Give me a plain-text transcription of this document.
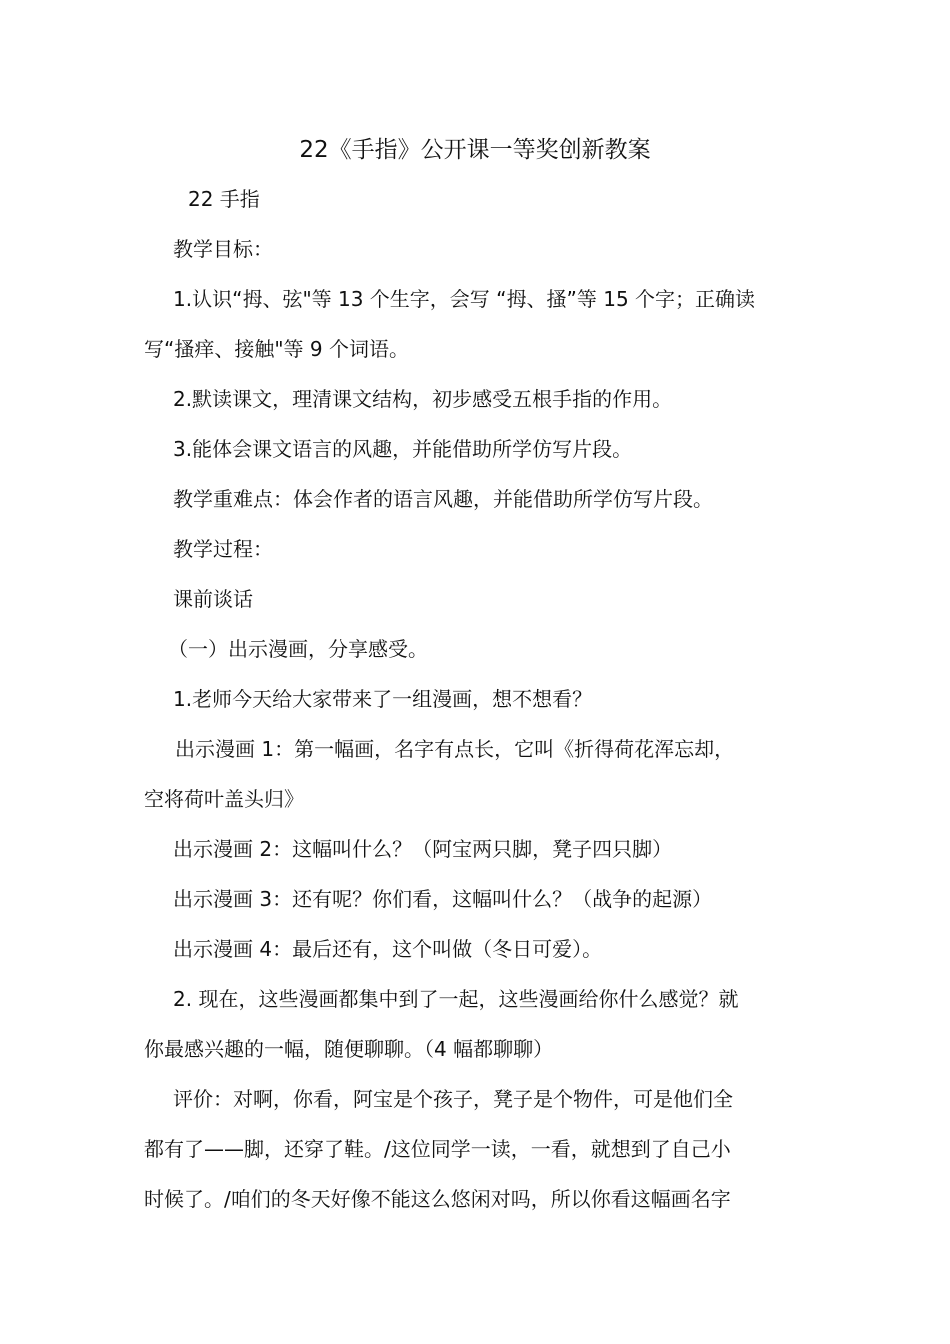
22《手指》公开课一等奖创新教案
22 手指
教学目标：
1.认识“拇、弦"等 13 个生字，会写 “拇、搔”等 15 个字；正确读
写“搔痒、接触"等 9 个词语。
2.默读课文，理清课文结构，初步感受五根手指的作用。
3.能体会课文语言的风趣，并能借助所学仿写片段。
教学重难点：体会作者的语言风趣，并能借助所学仿写片段。
教学过程：
课前谈话
（一）出示漫画，分享感受。
1.老师今天给大家带来了一组漫画，想不想看？
出示漫画 1：第一幅画，名字有点长，它叫《折得荷花浑忘却，
空将荷叶盖头归》
出示漫画 2：这幅叫什么？（阿宝两只脚，凳子四只脚）
出示漫画 3：还有呢？你们看，这幅叫什么？（战争的起源）
出示漫画 4：最后还有，这个叫做（冬日可爱）。
2. 现在，这些漫画都集中到了一起，这些漫画给你什么感觉？就
你最感兴趣的一幅，随便聊聊。（4 幅都聊聊）
评价：对啊，你看，阿宝是个孩子，凳子是个物件，可是他们全
都有了——脚，还穿了鞋。/这位同学一读，一看，就想到了自己小
时候了。/咱们的冬天好像不能这么悠闲对吗，所以你看这幅画名字
